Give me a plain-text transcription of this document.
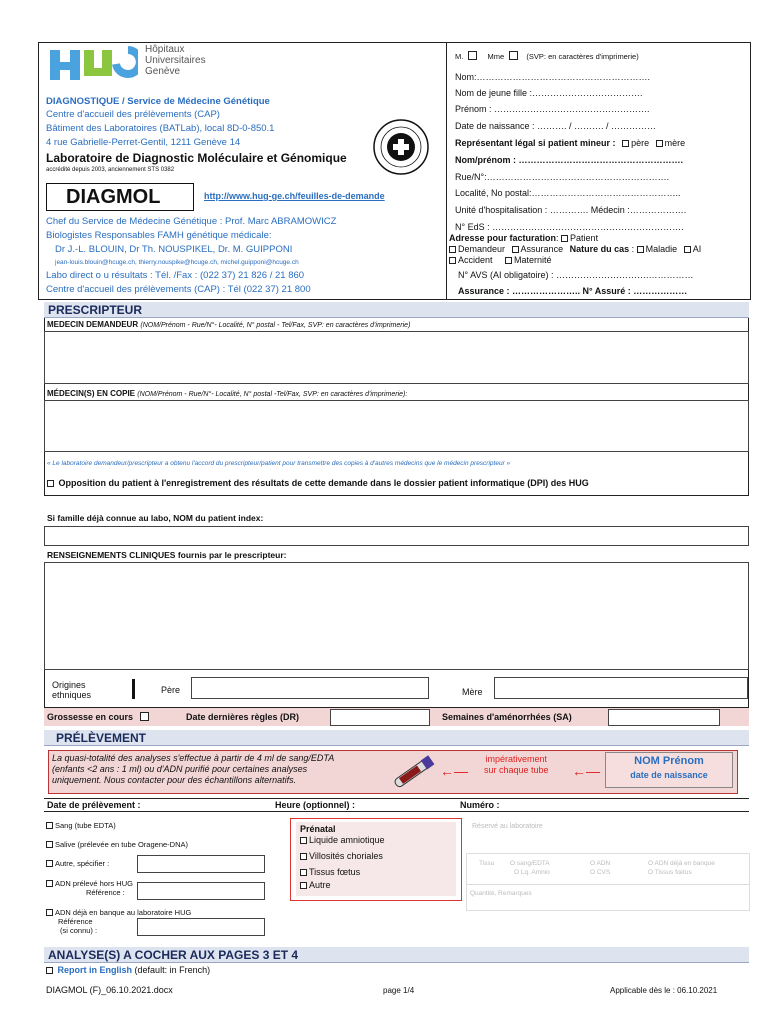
Hôpitaux
Universitaires
Genève
DIAGNOSTIQUE / Service de Médecine Génétique
Centre d'accueil des prélèvements (CAP)
Bâtiment des Laboratoires (BATLab), local 8D-0-850.1
4 rue Gabrielle-Perret-Gentil, 1211 Genève 14
Laboratoire de Diagnostic Moléculaire et Génomique
accrédité depuis 2003, anciennement STS 0382
DIAGMOL	http://www.hug-ge.ch/feuilles-de-demande
Chef du Service de Médecine Génétique : Prof. Marc ABRAMOWICZ
Biologistes Responsables FAMH génétique médicale:
Dr J.-L. BLOUIN, Dr Th. NOUSPIKEL, Dr. M. GUIPPONI
jean-louis.blouin@hcuge.ch, thierry.nouspike@hcuge.ch, michel.guipponi@hcuge.ch
Labo direct o u résultats : Tél. /Fax : (022 37) 21 826 / 21 860
Centre d'accueil des prélèvements (CAP) : Tél (022 37) 21 800
M.	Mme	(SVP: en caractères d'imprimerie)
Nom:………………………………………………….
Nom de jeune fille :……………………………….
Prénom : …………………………………………….
Date de naissance : ………. / ………. / ……………
Représentant légal si patient mineur : père mère
Nom/prénom : ……………………………………………….
Rue/N°:…………………………………………………….
Localité, No postal:…………………………………………..
Unité d'hospitalisation : …………. Médecin :……………….
N° EdS : ……………………………………………………….
Adresse pour facturation: Patient
Demandeur Assurance Nature du cas : Maladie AI
Accident Maternité
N° AVS (AI obligatoire) : ………………………….……………
Assurance : ………………….. N° Assuré : ………………
PRESCRIPTEUR
MEDECIN DEMANDEUR (NOM/Prénom - Rue/N°- Localité, N° postal - Tel/Fax, SVP: en caractères d'imprimerie)
MÉDECIN(S) EN COPIE (NOM/Prénom - Rue/N°- Localité, N° postal -Tel/Fax, SVP: en caractères d'imprimerie):
« Le laboratoire demandeur/prescripteur a obtenu l'accord du prescripteur/patient pour transmettre des copies à d'autres médecins que le médecin prescripteur »
Opposition du patient à l'enregistrement des résultats de cette demande dans le dossier patient informatique (DPI) des HUG
Si famille déjà connue au labo, NOM du patient index:
RENSEIGNEMENTS CLINIQUES fournis par le prescripteur:
Origines
ethniques	Père	Mère
Grossesse en cours	Date dernières règles (DR)	Semaines d'aménorrhées (SA)
PRÉLÈVEMENT
La quasi-totalité des analyses s'effectue à partir de 4 ml de sang/EDTA
(enfants <2 ans : 1 ml) ou d'ADN purifié pour certaines analyses
uniquement. Nous contacter pour des échantillons alternatifs.
←—
impérativement
sur chaque tube ←—
NOM Prénom
date de naissance
Date de prélèvement :	Heure (optionnel) :	Numéro :
Sang (tube EDTA)
Salive (prélevée en tube Oragene-DNA)
Autre, spécifier :
ADN prélevé hors HUG
Référence :
ADN déjà en banque au laboratoire HUG
Référence
(si connu) :
Prénatal
Liquide amniotique
Villosités choriales
Tissus fœtus
Autre
Réservé au laboratoire
Tissu O sang/EDTA
O Lq. Amnio
O ADN
O CVS
O ADN déjà en banque
O Tissus fœtus
Quantité, Remarques
ANALYSE(S) A COCHER AUX PAGES 3 ET 4
Report in English (default: in French)
DIAGMOL (F)_06.10.2021.docx	page 1/4	Applicable dès le : 06.10.2021
